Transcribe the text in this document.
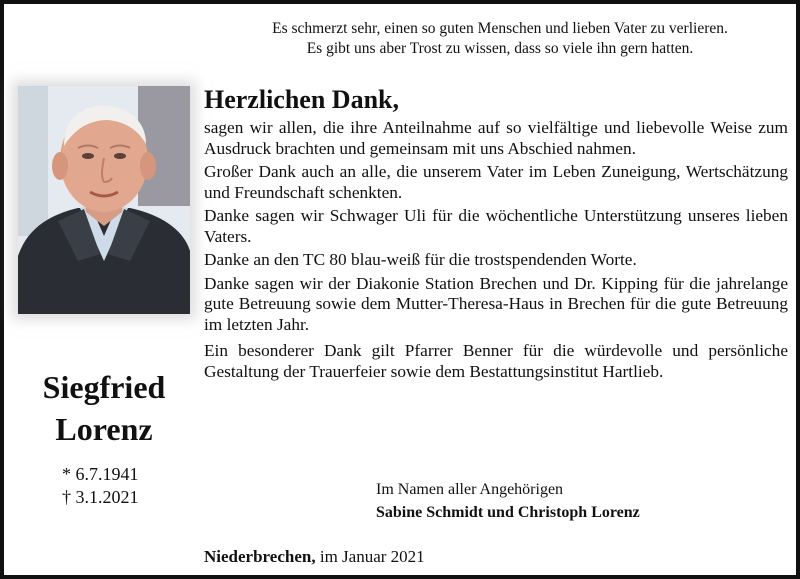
Es schmerzt sehr, einen so guten Menschen und lieben Vater zu verlieren.
Es gibt uns aber Trost zu wissen, dass so viele ihn gern hatten.
Siegfried
Lorenz
* 6.7.1941
† 3.1.2021
Herzlichen Dank,

sagen wir allen, die ihre Anteilnahme auf so vielfältige und liebevolle Weise zum Ausdruck brachten und gemeinsam mit uns Abschied nahmen.

Großer Dank auch an alle, die unserem Vater im Leben Zuneigung, Wertschätzung und Freundschaft schenkten.

Danke sagen wir Schwager Uli für die wöchentliche Unterstützung unseres lieben Vaters.

Danke an den TC 80 blau-weiß für die trostspendenden Worte.

Danke sagen wir der Diakonie Station Brechen und Dr. Kipping für die jahrelange gute Betreuung sowie dem Mutter-Theresa-Haus in Brechen für die gute Betreuung im letzten Jahr.

Ein besonderer Dank gilt Pfarrer Benner für die würdevolle und persönliche Gestaltung der Trauerfeier sowie dem Bestattungsinstitut Hartlieb.

Im Namen aller Angehörigen
Sabine Schmidt und Christoph Lorenz
Niederbrechen, im Januar 2021
